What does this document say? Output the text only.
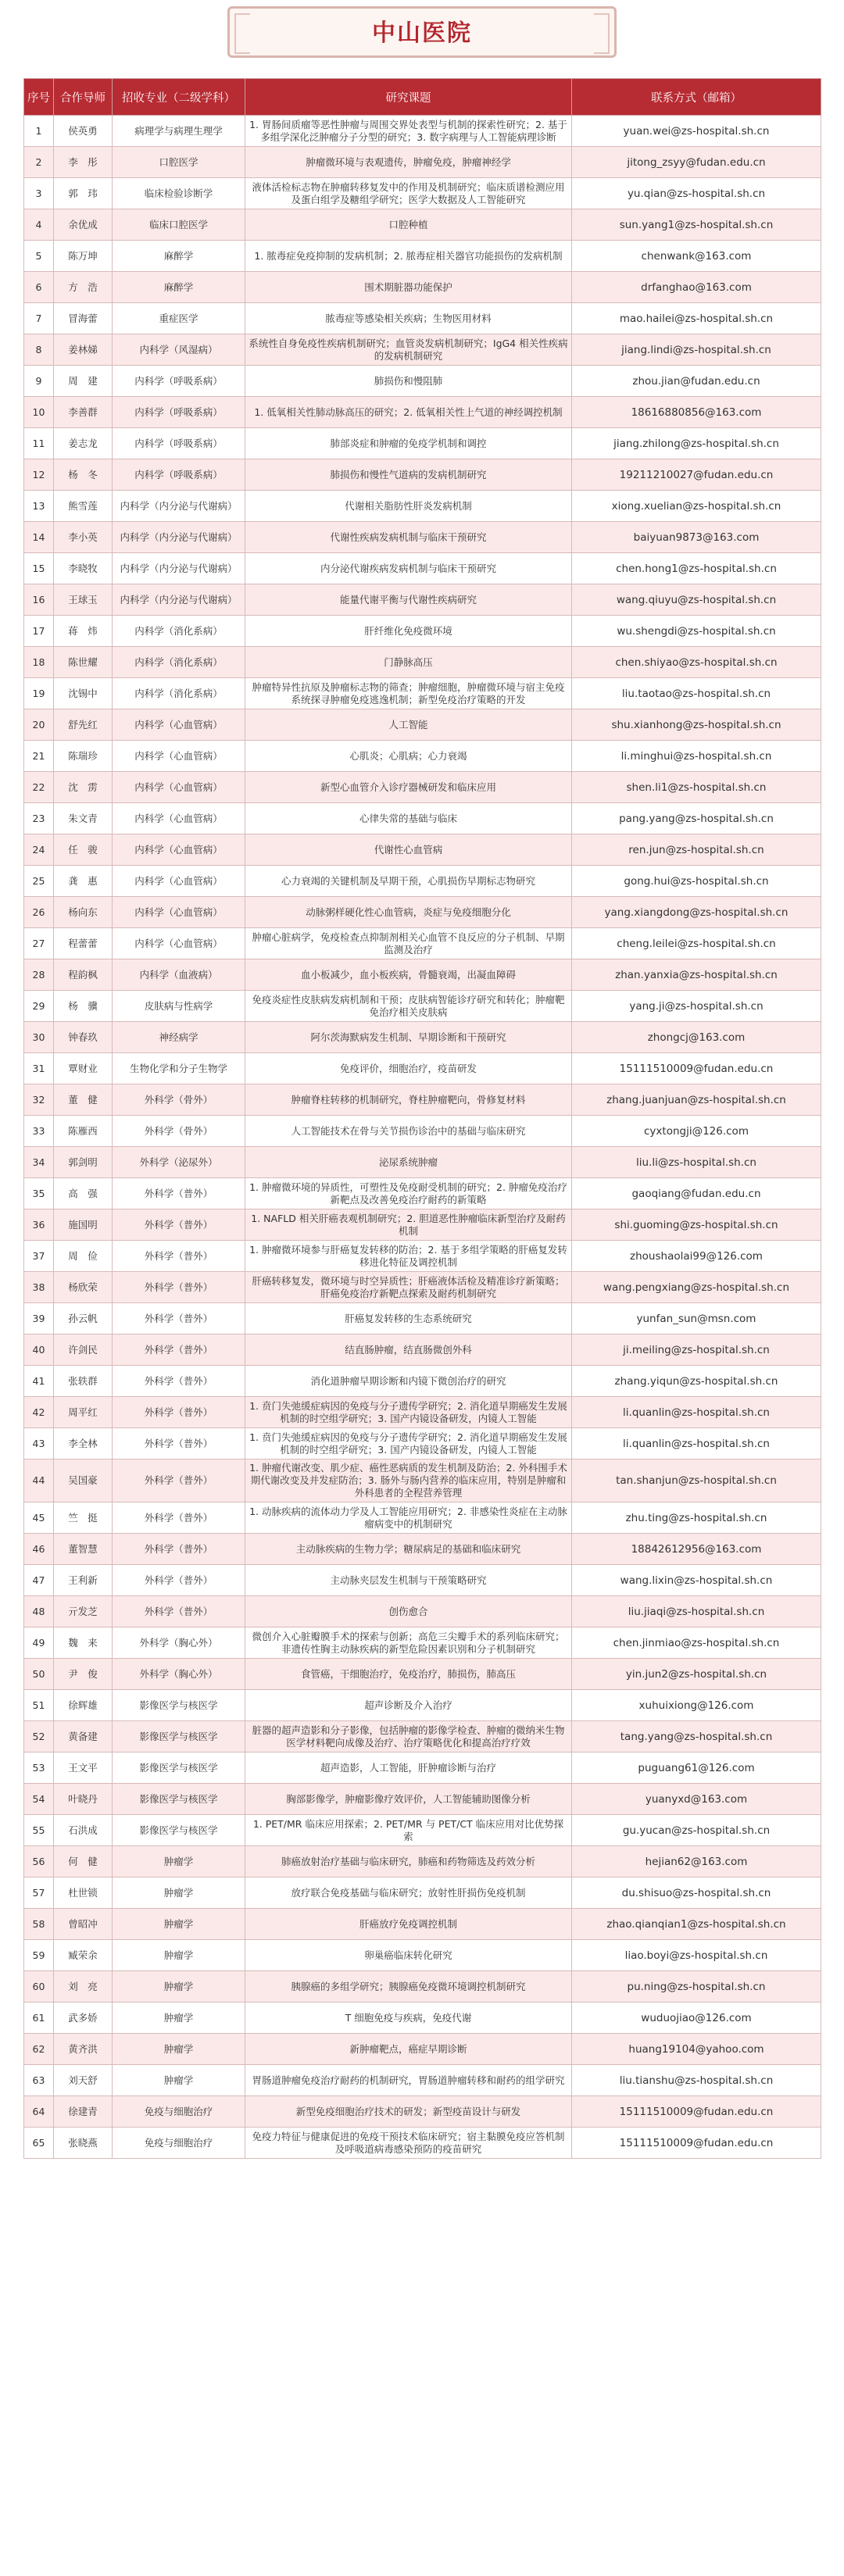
中山医院
序号	合作导师	招收专业（二级学科）	研究课题	联系方式（邮箱）
1	侯英勇	病理学与病理生理学	1. 胃肠间质瘤等恶性肿瘤与周围交界处表型与机制的探索性研究；2. 基于多组学深化泛肿瘤分子分型的研究；3. 数字病理与人工智能病理诊断	yuan.wei@zs-hospital.sh.cn
2	李　彤	口腔医学	肿瘤微环境与表观遗传，肿瘤免疫，肿瘤神经学	jitong_zsyy@fudan.edu.cn
3	郭　玮	临床检验诊断学	液体活检标志物在肿瘤转移复发中的作用及机制研究；临床质谱检测应用及蛋白组学及糖组学研究；医学大数据及人工智能研究	yu.qian@zs-hospital.sh.cn
4	余优成	临床口腔医学	口腔种植	sun.yang1@zs-hospital.sh.cn
5	陈万坤	麻醉学	1. 脓毒症免疫抑制的发病机制；2. 脓毒症相关器官功能损伤的发病机制	chenwank@163.com
6	方　浩	麻醉学	围术期脏器功能保护	drfanghao@163.com
7	冒海蕾	重症医学	脓毒症等感染相关疾病；生物医用材料	mao.hailei@zs-hospital.sh.cn
8	姜林娣	内科学（风湿病）	系统性自身免疫性疾病机制研究；血管炎发病机制研究；IgG4 相关性疾病的发病机制研究	jiang.lindi@zs-hospital.sh.cn
9	周　建	内科学（呼吸系病）	肺损伤和慢阻肺	zhou.jian@fudan.edu.cn
10	李善群	内科学（呼吸系病）	1. 低氧相关性肺动脉高压的研究；2. 低氧相关性上气道的神经调控机制	18616880856@163.com
11	姜志龙	内科学（呼吸系病）	肺部炎症和肿瘤的免疫学机制和调控	jiang.zhilong@zs-hospital.sh.cn
12	杨　冬	内科学（呼吸系病）	肺损伤和慢性气道病的发病机制研究	19211210027@fudan.edu.cn
13	熊雪莲	内科学（内分泌与代谢病）	代谢相关脂肪性肝炎发病机制	xiong.xuelian@zs-hospital.sh.cn
14	李小英	内科学（内分泌与代谢病）	代谢性疾病发病机制与临床干预研究	baiyuan9873@163.com
15	李晓牧	内科学（内分泌与代谢病）	内分泌代谢疾病发病机制与临床干预研究	chen.hong1@zs-hospital.sh.cn
16	王球玉	内科学（内分泌与代谢病）	能量代谢平衡与代谢性疾病研究	wang.qiuyu@zs-hospital.sh.cn
17	蒋　炜	内科学（消化系病）	肝纤维化免疫微环境	wu.shengdi@zs-hospital.sh.cn
18	陈世耀	内科学（消化系病）	门静脉高压	chen.shiyao@zs-hospital.sh.cn
19	沈锡中	内科学（消化系病）	肿瘤特异性抗原及肿瘤标志物的筛查；肿瘤细胞，肿瘤微环境与宿主免疫系统探寻肿瘤免疫逃逸机制；新型免疫治疗策略的开发	liu.taotao@zs-hospital.sh.cn
20	舒先红	内科学（心血管病）	人工智能	shu.xianhong@zs-hospital.sh.cn
21	陈瑞珍	内科学（心血管病）	心肌炎；心肌病；心力衰竭	li.minghui@zs-hospital.sh.cn
22	沈　雳	内科学（心血管病）	新型心血管介入诊疗器械研发和临床应用	shen.li1@zs-hospital.sh.cn
23	朱文青	内科学（心血管病）	心律失常的基础与临床	pang.yang@zs-hospital.sh.cn
24	任　骏	内科学（心血管病）	代谢性心血管病	ren.jun@zs-hospital.sh.cn
25	龚　惠	内科学（心血管病）	心力衰竭的关键机制及早期干预，心肌损伤早期标志物研究	gong.hui@zs-hospital.sh.cn
26	杨向东	内科学（心血管病）	动脉粥样硬化性心血管病，炎症与免疫细胞分化	yang.xiangdong@zs-hospital.sh.cn
27	程蕾蕾	内科学（心血管病）	肿瘤心脏病学，免疫检查点抑制剂相关心血管不良反应的分子机制、早期监测及治疗	cheng.leilei@zs-hospital.sh.cn
28	程韵枫	内科学（血液病）	血小板减少，血小板疾病，骨髓衰竭，出凝血障碍	zhan.yanxia@zs-hospital.sh.cn
29	杨　骥	皮肤病与性病学	免疫炎症性皮肤病发病机制和干预；皮肤病智能诊疗研究和转化；肿瘤靶免治疗相关皮肤病	yang.ji@zs-hospital.sh.cn
30	钟春玖	神经病学	阿尔茨海默病发生机制、早期诊断和干预研究	zhongcj@163.com
31	覃财业	生物化学和分子生物学	免疫评价，细胞治疗，疫苗研发	15111510009@fudan.edu.cn
32	董　健	外科学（骨外）	肿瘤脊柱转移的机制研究，脊柱肿瘤靶向，骨修复材料	zhang.juanjuan@zs-hospital.sh.cn
33	陈雁西	外科学（骨外）	人工智能技术在骨与关节损伤诊治中的基础与临床研究	cyxtongji@126.com
34	郭剑明	外科学（泌尿外）	泌尿系统肿瘤	liu.li@zs-hospital.sh.cn
35	高　强	外科学（普外）	1. 肿瘤微环境的异质性，可塑性及免疫耐受机制的研究；2. 肿瘤免疫治疗新靶点及改善免疫治疗耐药的新策略	gaoqiang@fudan.edu.cn
36	施国明	外科学（普外）	1. NAFLD 相关肝癌表观机制研究；2. 胆道恶性肿瘤临床新型治疗及耐药机制	shi.guoming@zs-hospital.sh.cn
37	周　俭	外科学（普外）	1. 肿瘤微环境参与肝癌复发转移的防治；2. 基于多组学策略的肝癌复发转移进化特征及调控机制	zhoushaolai99@126.com
38	杨欣荣	外科学（普外）	肝癌转移复发，微环境与时空异质性；肝癌液体活检及精准诊疗新策略；肝癌免疫治疗新靶点探索及耐药机制研究	wang.pengxiang@zs-hospital.sh.cn
39	孙云帆	外科学（普外）	肝癌复发转移的生态系统研究	yunfan_sun@msn.com
40	许剑民	外科学（普外）	结直肠肿瘤，结直肠微创外科	ji.meiling@zs-hospital.sh.cn
41	张轶群	外科学（普外）	消化道肿瘤早期诊断和内镜下微创治疗的研究	zhang.yiqun@zs-hospital.sh.cn
42	周平红	外科学（普外）	1. 贲门失弛缓症病因的免疫与分子遗传学研究；2. 消化道早期癌发生发展机制的时空组学研究；3. 国产内镜设备研发，内镜人工智能	li.quanlin@zs-hospital.sh.cn
43	李全林	外科学（普外）	1. 贲门失弛缓症病因的免疫与分子遗传学研究；2. 消化道早期癌发生发展机制的时空组学研究；3. 国产内镜设备研发，内镜人工智能	li.quanlin@zs-hospital.sh.cn
44	吴国豪	外科学（普外）	1. 肿瘤代谢改变、肌少症、癌性恶病质的发生机制及防治；2. 外科围手术期代谢改变及并发症防治；3. 肠外与肠内营养的临床应用，特别是肿瘤和外科患者的全程营养管理	tan.shanjun@zs-hospital.sh.cn
45	竺　挺	外科学（普外）	1. 动脉疾病的流体动力学及人工智能应用研究；2. 非感染性炎症在主动脉瘤病变中的机制研究	zhu.ting@zs-hospital.sh.cn
46	董智慧	外科学（普外）	主动脉疾病的生物力学；糖尿病足的基础和临床研究	18842612956@163.com
47	王利新	外科学（普外）	主动脉夹层发生机制与干预策略研究	wang.lixin@zs-hospital.sh.cn
48	亓发芝	外科学（普外）	创伤愈合	liu.jiaqi@zs-hospital.sh.cn
49	魏　来	外科学（胸心外）	微创介入心脏瓣膜手术的探索与创新；高危三尖瓣手术的系列临床研究；非遗传性胸主动脉疾病的新型危险因素识别和分子机制研究	chen.jinmiao@zs-hospital.sh.cn
50	尹　俊	外科学（胸心外）	食管癌，干细胞治疗，免疫治疗，肺损伤，肺高压	yin.jun2@zs-hospital.sh.cn
51	徐辉雄	影像医学与核医学	超声诊断及介入治疗	xuhuixiong@126.com
52	黄备建	影像医学与核医学	脏器的超声造影和分子影像，包括肿瘤的影像学检查、肿瘤的微纳米生物医学材料靶向成像及治疗、治疗策略优化和提高治疗疗效	tang.yang@zs-hospital.sh.cn
53	王文平	影像医学与核医学	超声造影，人工智能，肝肿瘤诊断与治疗	puguang61@126.com
54	叶晓丹	影像医学与核医学	胸部影像学，肿瘤影像疗效评价，人工智能辅助图像分析	yuanyxd@163.com
55	石洪成	影像医学与核医学	1. PET/MR 临床应用探索；2. PET/MR 与 PET/CT 临床应用对比优势探索	gu.yucan@zs-hospital.sh.cn
56	何　健	肿瘤学	肺癌放射治疗基础与临床研究，肺癌和药物筛选及药效分析	hejian62@163.com
57	杜世锁	肿瘤学	放疗联合免疫基础与临床研究；放射性肝损伤免疫机制	du.shisuo@zs-hospital.sh.cn
58	曾昭冲	肿瘤学	肝癌放疗免疫调控机制	zhao.qianqian1@zs-hospital.sh.cn
59	臧荣余	肿瘤学	卵巢癌临床转化研究	liao.boyi@zs-hospital.sh.cn
60	刘　亮	肿瘤学	胰腺癌的多组学研究；胰腺癌免疫微环境调控机制研究	pu.ning@zs-hospital.sh.cn
61	武多娇	肿瘤学	T 细胞免疫与疾病，免疫代谢	wuduojiao@126.com
62	黄齐洪	肿瘤学	新肿瘤靶点，癌症早期诊断	huang19104@yahoo.com
63	刘天舒	肿瘤学	胃肠道肿瘤免疫治疗耐药的机制研究，胃肠道肿瘤转移和耐药的组学研究	liu.tianshu@zs-hospital.sh.cn
64	徐建青	免疫与细胞治疗	新型免疫细胞治疗技术的研发；新型疫苗设计与研发	15111510009@fudan.edu.cn
65	张晓燕	免疫与细胞治疗	免疫力特征与健康促进的免疫干预技术临床研究；宿主黏膜免疫应答机制及呼吸道病毒感染预防的疫苗研究	15111510009@fudan.edu.cn
